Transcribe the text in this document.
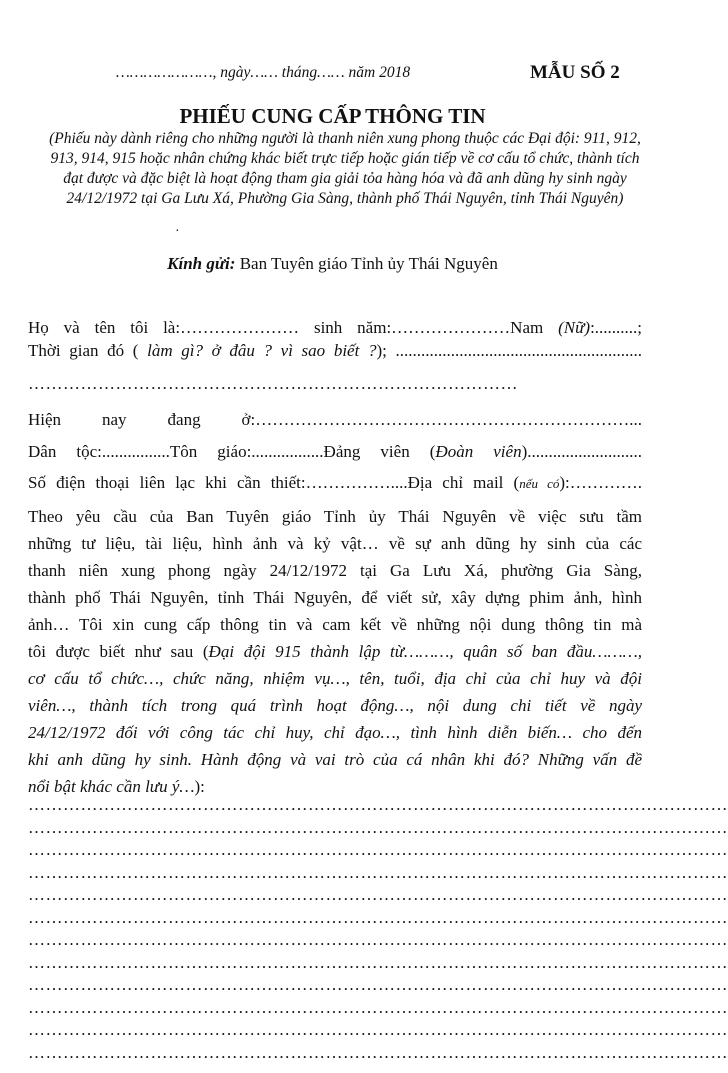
…………………, ngày…… tháng…… năm 2018	MẪU SỐ 2
PHIẾU CUNG CẤP THÔNG TIN
(Phiếu này dành riêng cho những người là thanh niên xung phong thuộc các Đại đội: 911, 912,
913, 914, 915 hoặc nhân chứng khác biết trực tiếp hoặc gián tiếp về cơ cấu tổ chức, thành tích
đạt được và đặc biệt là hoạt động tham gia giải tỏa hàng hóa và đã anh dũng hy sinh ngày
24/12/1972 tại Ga Lưu Xá, Phường Gia Sàng, thành phố Thái Nguyên, tỉnh Thái Nguyên)
·
Kính gửi: Ban Tuyên giáo Tỉnh ủy Thái Nguyên
Họ và tên tôi là:………………… sinh năm:…………………Nam (Nữ):..........;
Thời gian đó ( làm gì? ở đâu ? vì sao biết ?); ..........................................................
…………………………………………………………………………
Hiện nay đang ở:…………………………………………………………...
Dân tộc:................Tôn giáo:.................Đảng viên (Đoàn viên)...........................
Số điện thoại liên lạc khi cần thiết:……………....Địa chỉ mail (nếu có):………….
Theo yêu cầu của Ban Tuyên giáo Tỉnh ủy Thái Nguyên về việc sưu tầm
những tư liệu, tài liệu, hình ảnh và kỷ vật… về sự anh dũng hy sinh của các
thanh niên xung phong ngày 24/12/1972 tại Ga Lưu Xá, phường Gia Sàng,
thành phố Thái Nguyên, tỉnh Thái Nguyên, để viết sử, xây dựng phim ảnh, hình
ảnh… Tôi xin cung cấp thông tin và cam kết về những nội dung thông tin mà
tôi được biết như sau (Đại đội 915 thành lập từ………, quân số ban đầu………,
cơ cấu tổ chức…, chức năng, nhiệm vụ…, tên, tuổi, địa chỉ của chỉ huy và đội
viên…, thành tích trong quá trình hoạt động…, nội dung chi tiết về ngày
24/12/1972 đối với công tác chỉ huy, chỉ đạo…, tình hình diễn biến… cho đến
khi anh dũng hy sinh. Hành động và vai trò của cá nhân khi đó? Những vấn đề
nổi bật khác cần lưu ý…):
…………………………………………………………………………………………………………
…………………………………………………………………………………………………………
…………………………………………………………………………………………………………
…………………………………………………………………………………………………………
…………………………………………………………………………………………………………
…………………………………………………………………………………………………………
…………………………………………………………………………………………………………
…………………………………………………………………………………………………………
…………………………………………………………………………………………………………
…………………………………………………………………………………………………………
…………………………………………………………………………………………………………
…………………………………………………………………………………………………………
